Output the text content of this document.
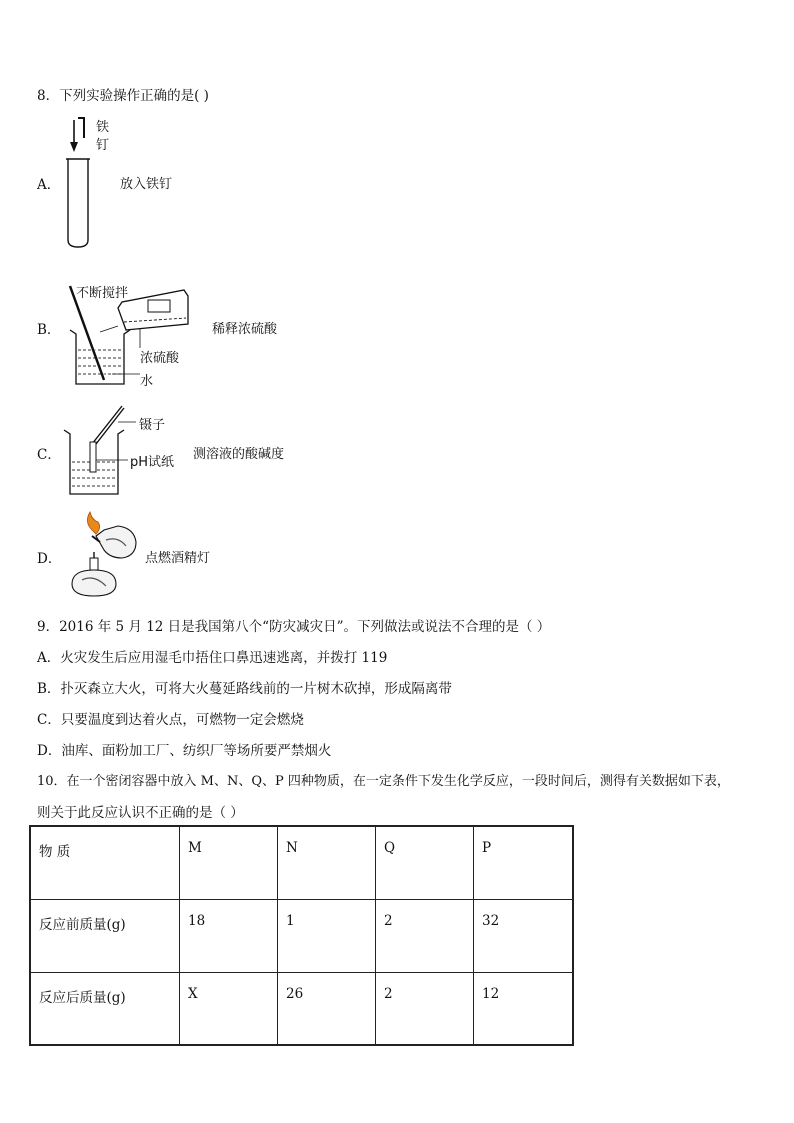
8．下列实验操作正确的是( )
A．
铁
钉
放入铁钉
B．
不断搅拌
浓硫酸
水
稀释浓硫酸
C．
镊子
pH试纸
测溶液的酸碱度
D．	点燃酒精灯
9．2016 年 5 月 12 日是我国第八个“防灾减灾日”。下列做法或说法不合理的是（ ）
A．火灾发生后应用湿毛巾捂住口鼻迅速逃离，并拨打 119
B．扑灭森立大火，可将大火蔓延路线前的一片树木砍掉，形成隔离带
C．只要温度到达着火点，可燃物一定会燃烧
D．油库、面粉加工厂、纺织厂等场所要严禁烟火
10．在一个密闭容器中放入 M、N、Q、P 四种物质，在一定条件下发生化学反应，一段时间后，测得有关数据如下表，
则关于此反应认识不正确的是（ ）
物 质	M	N	Q	P
反应前质量(g)	18	1	2	32
反应后质量(g)	X	26	2	12
